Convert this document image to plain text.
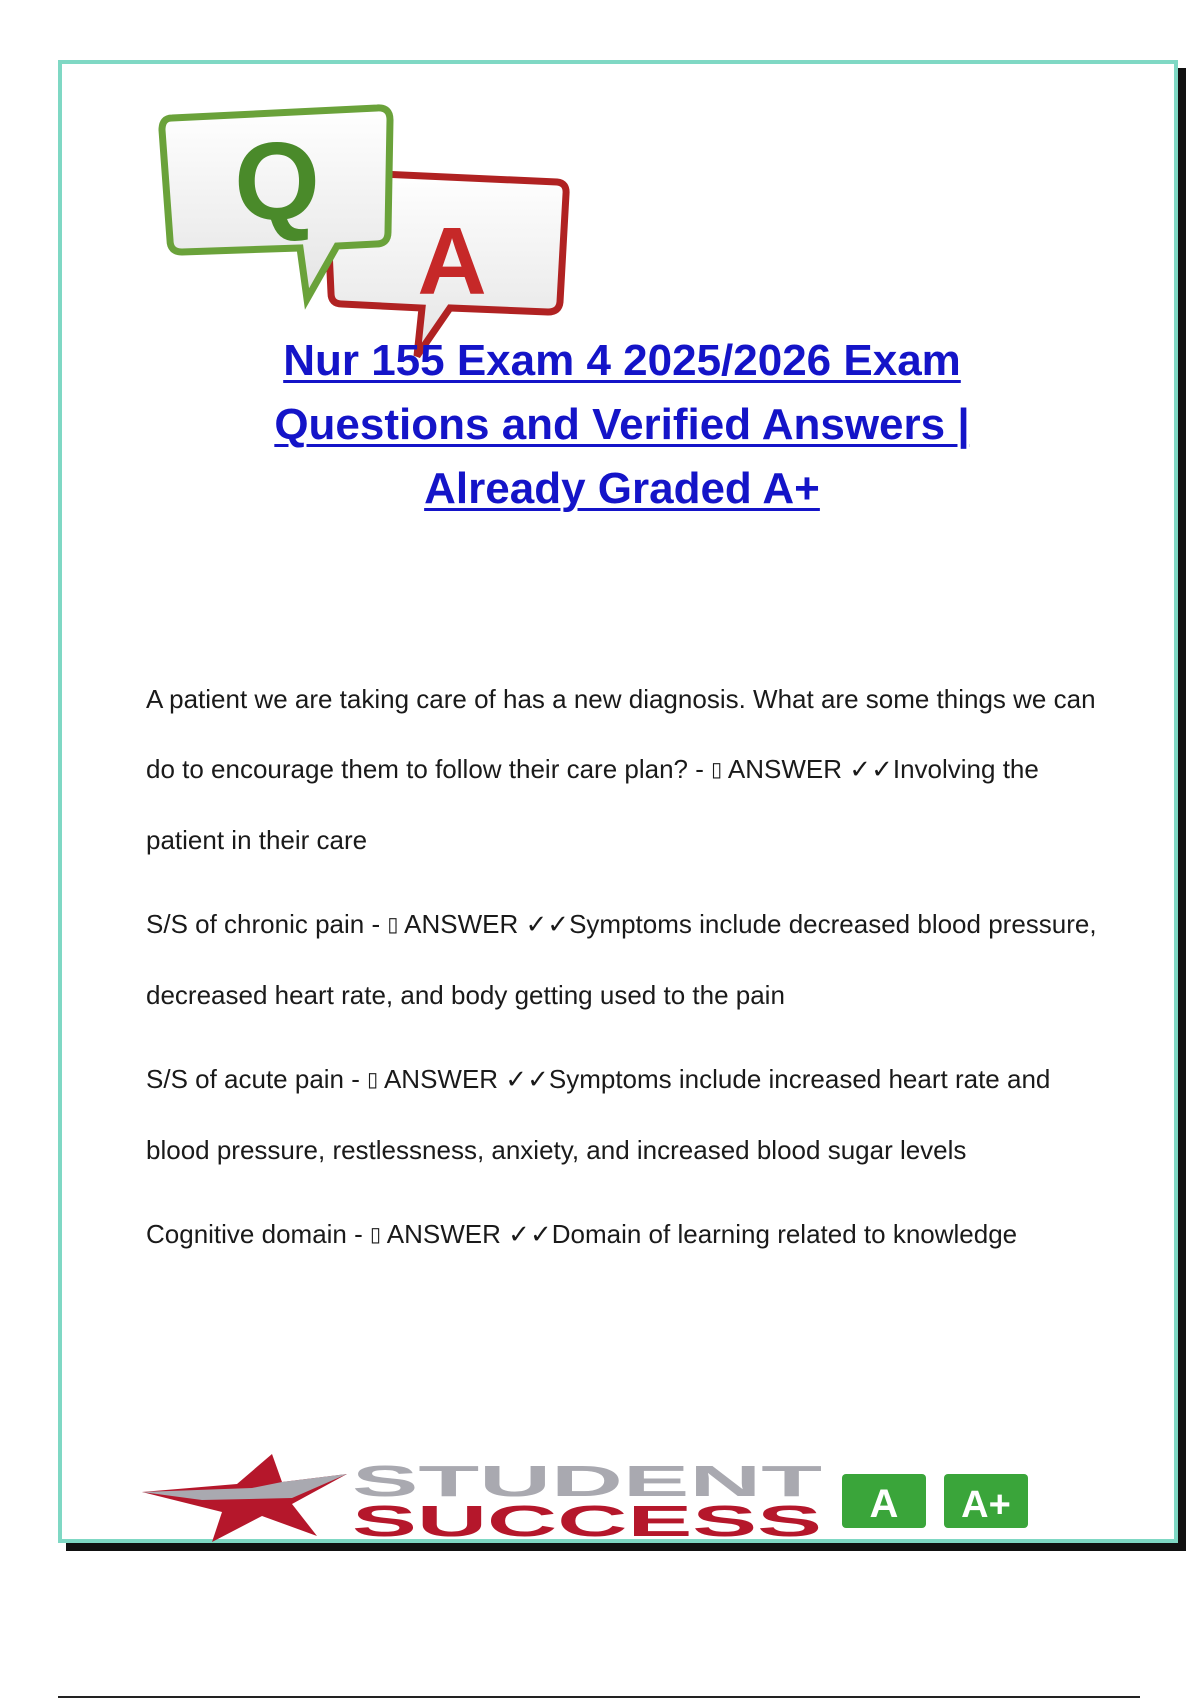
A
Q
Nur 155 Exam 4 2025/2026 Exam
Questions and Verified Answers |
Already Graded A+

A patient we are taking care of has a new diagnosis. What are some things we can do to encourage them to follow their care plan? - ▯ ANSWER ✓✓Involving the patient in their care

S/S of chronic pain - ▯ ANSWER ✓✓Symptoms include decreased blood pressure, decreased heart rate, and body getting used to the pain

S/S of acute pain - ▯ ANSWER ✓✓Symptoms include increased heart rate and blood pressure, restlessness, anxiety, and increased blood sugar levels

Cognitive domain - ▯ ANSWER ✓✓Domain of learning related to knowledge

STUDENT
SUCCESS A A+
